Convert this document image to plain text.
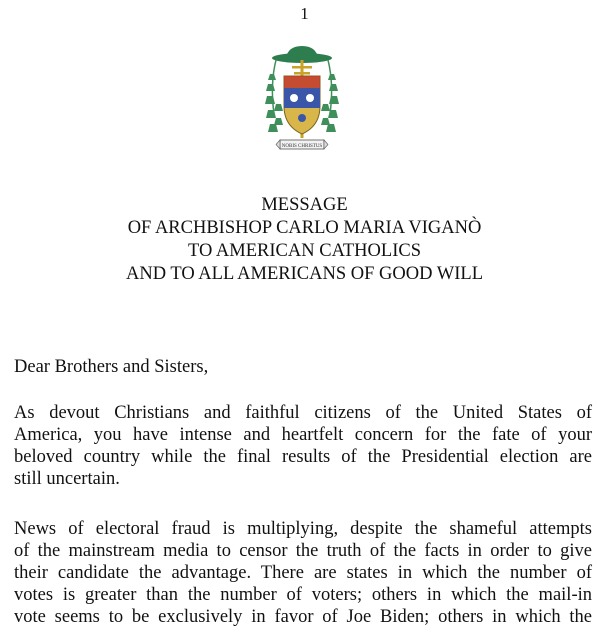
1
NOBIS CHRISTUS
MESSAGE
OF ARCHBISHOP CARLO MARIA VIGANÒ
TO AMERICAN CATHOLICS
AND TO ALL AMERICANS OF GOOD WILL
Dear Brothers and Sisters,
As devout Christians and faithful citizens of the United States of
America, you have intense and heartfelt concern for the fate of your
beloved country while the final results of the Presidential election are
still uncertain.
News of electoral fraud is multiplying, despite the shameful attempts
of the mainstream media to censor the truth of the facts in order to give
their candidate the advantage. There are states in which the number of
votes is greater than the number of voters; others in which the mail-in
vote seems to be exclusively in favor of Joe Biden; others in which the
